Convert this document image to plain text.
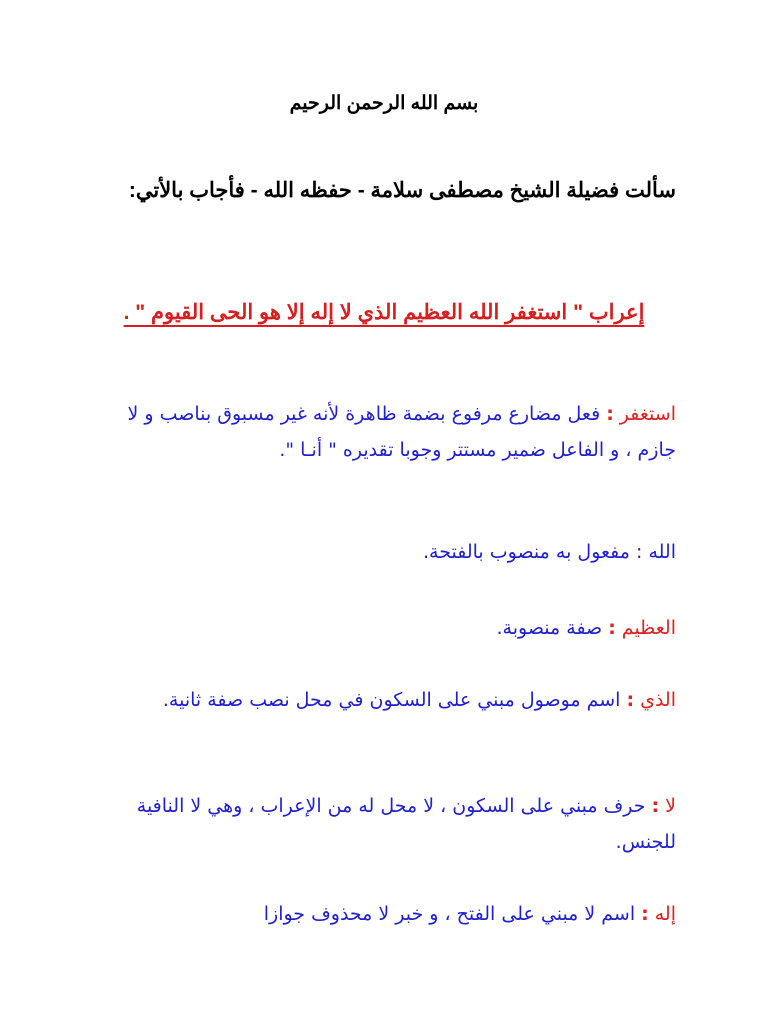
بسم الله الرحمن الرحيم

سألت فضيلة الشيخ مصطفى سلامة - حفظه الله - فأجاب بالأتي:

إعراب " استغفر الله العظيم الذي لا إله إلا هو الحى القيوم " .

استغفر:فعل مضارع مرفوع بضمة ظاهرة لأنه غير مسبوق بناصب و لا جازم ، و الفاعل ضمير مستتر وجوبا تقديره " أنـا ".

الله : مفعول به منصوب بالفتحة.

العظيم:صفة منصوبة.

الذي:اسم موصول مبني على السكون في محل نصب صفة ثانية.

لا:حرف مبني على السكون ، لا محل له من الإعراب ، وهي لا النافية للجنس.

إله:اسم لا مبني على الفتح ، و خبر لا محذوف جوازا
